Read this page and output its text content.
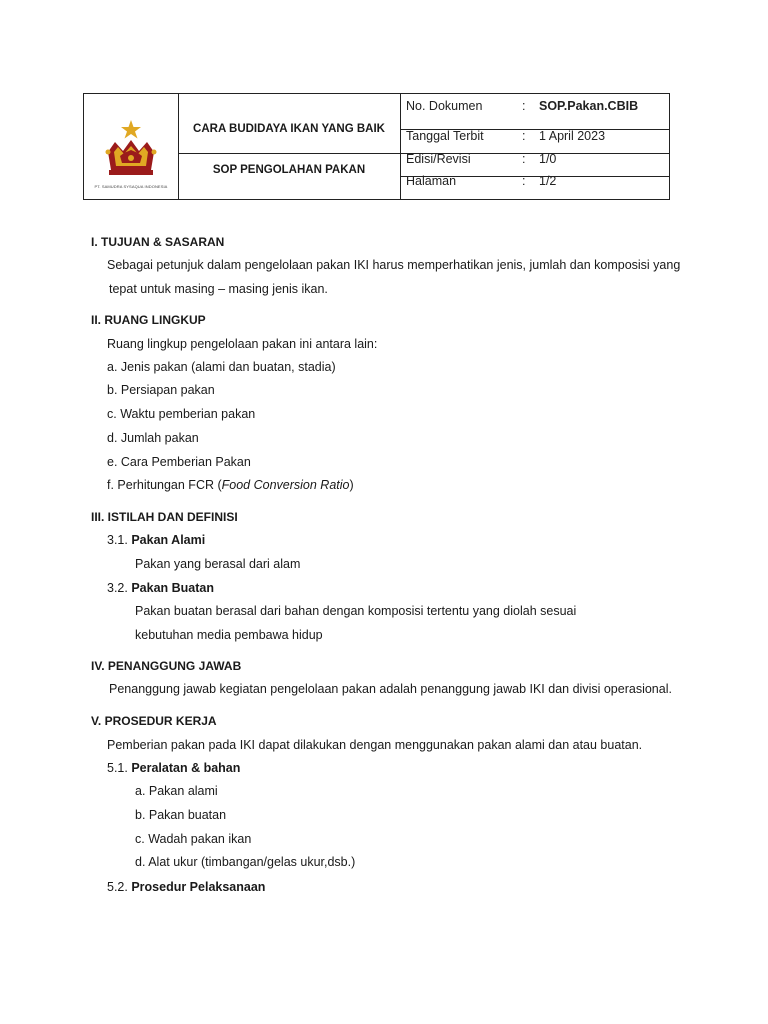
PT. SAMUDRA SYSAQUA INDONESIA
CARA BUDIDAYA IKAN YANG BAIK
SOP PENGOLAHAN PAKAN
No. Dokumen	: SOP.Pakan.CBIB
Tanggal Terbit	: 1 April 2023
Edisi/Revisi	: 1/0
Halaman	: 1/2
I. TUJUAN & SASARAN
Sebagai petunjuk dalam pengelolaan pakan IKI harus memperhatikan jenis, jumlah dan komposisi yang
tepat untuk masing – masing jenis ikan.
II. RUANG LINGKUP
Ruang lingkup pengelolaan pakan ini antara lain:
a. Jenis pakan (alami dan buatan, stadia)
b. Persiapan pakan
c. Waktu pemberian pakan
d. Jumlah pakan
e. Cara Pemberian Pakan
f. Perhitungan FCR (Food Conversion Ratio)
III. ISTILAH DAN DEFINISI
3.1. Pakan Alami
Pakan yang berasal dari alam
3.2. Pakan Buatan
Pakan buatan berasal dari bahan dengan komposisi tertentu yang diolah sesuai
kebutuhan media pembawa hidup
IV. PENANGGUNG JAWAB
Penanggung jawab kegiatan pengelolaan pakan adalah penanggung jawab IKI dan divisi operasional.
V. PROSEDUR KERJA
Pemberian pakan pada IKI dapat dilakukan dengan menggunakan pakan alami dan atau buatan.
5.1. Peralatan & bahan
a. Pakan alami
b. Pakan buatan
c. Wadah pakan ikan
d. Alat ukur (timbangan/gelas ukur,dsb.)
5.2. Prosedur Pelaksanaan
